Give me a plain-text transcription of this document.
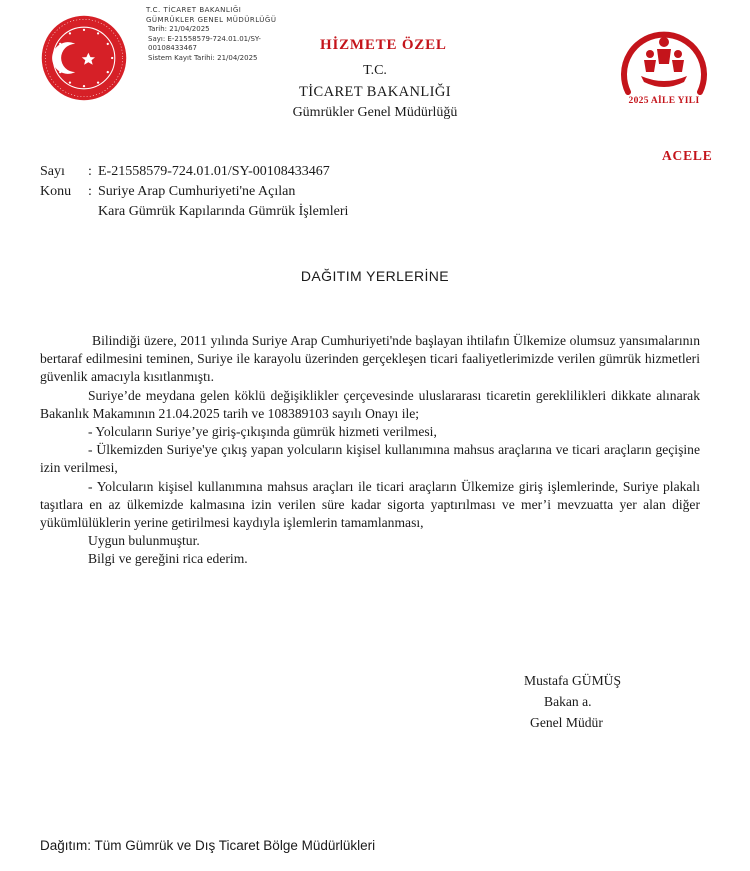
T.C. TİCARET BAKANLIĞI
GÜMRÜKLER GENEL MÜDÜRLÜĞÜ
Tarih: 21/04/2025
Sayı: E-21558579-724.01.01/SY-
00108433467
Sistem Kayıt Tarihi: 21/04/2025
HİZMETE ÖZEL
T.C.
TİCARET BAKANLIĞI
Gümrükler Genel Müdürlüğü
2025 AİLE YILI
ACELE
Sayı : E-21558579-724.01.01/SY-00108433467
Konu : Suriye Arap Cumhuriyeti'ne Açılan
Kara Gümrük Kapılarında Gümrük İşlemleri
DAĞITIM YERLERİNE
Bilindiği üzere, 2011 yılında Suriye Arap Cumhuriyeti'nde başlayan ihtilafın Ülkemize olumsuz yansımalarının bertaraf edilmesini teminen, Suriye ile karayolu üzerinden gerçekleşen ticari faaliyetlerimizde verilen gümrük hizmetleri güvenlik amacıyla kısıtlanmıştı.
Suriye’de meydana gelen köklü değişiklikler çerçevesinde uluslararası ticaretin gereklilikleri dikkate alınarak Bakanlık Makamının 21.04.2025 tarih ve 108389103 sayılı Onayı ile;
- Yolcuların Suriye’ye giriş-çıkışında gümrük hizmeti verilmesi,
- Ülkemizden Suriye'ye çıkış yapan yolcuların kişisel kullanımına mahsus araçlarına ve ticari araçların geçişine izin verilmesi,
- Yolcuların kişisel kullanımına mahsus araçları ile ticari araçların Ülkemize giriş işlemlerinde, Suriye plakalı taşıtlara en az ülkemizde kalmasına izin verilen süre kadar sigorta yaptırılması ve mer’i mevzuatta yer alan diğer yükümlülüklerin yerine getirilmesi kaydıyla işlemlerin tamamlanması,
Uygun bulunmuştur.
Bilgi ve gereğini rica ederim.
Mustafa GÜMÜŞ
Bakan a.
Genel Müdür
Dağıtım: Tüm Gümrük ve Dış Ticaret Bölge Müdürlükleri
